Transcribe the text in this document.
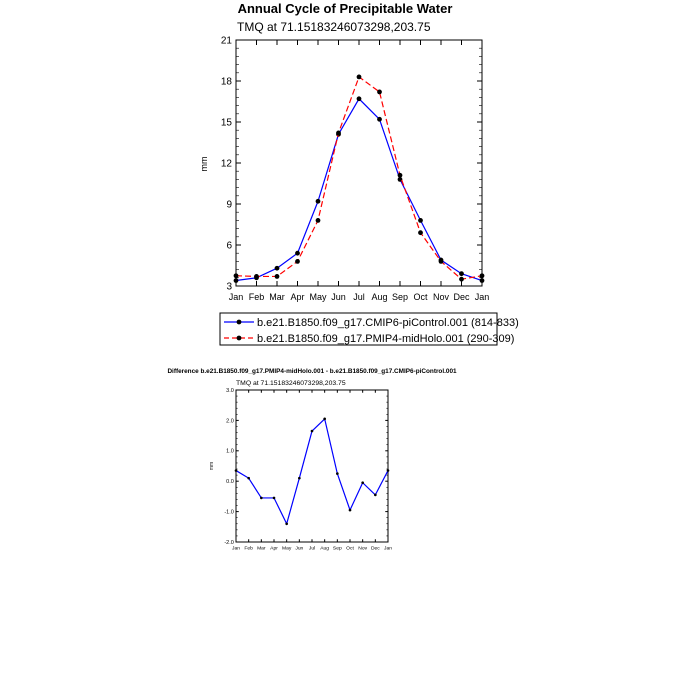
Annual Cycle of Precipitable Water
TMQ at 71.15183246073298,203.75
mm
3
6
9
12
15
18
21
Jan Feb Mar Apr May Jun Jul Aug Sep Oct Nov Dec Jan
b.e21.B1850.f09_g17.CMIP6-piControl.001 (814-833)
b.e21.B1850.f09_g17.PMIP4-midHolo.001 (290-309)
Difference b.e21.B1850.f09_g17.PMIP4-midHolo.001 - b.e21.B1850.f09_g17.CMIP6-piControl.001
TMQ at 71.15183246073298,203.75
mm
-2.0
-1.0
0.0
1.0
2.0
3.0
Jan Feb Mar Apr May Jun Jul Aug Sep Oct Nov Dec Jan
